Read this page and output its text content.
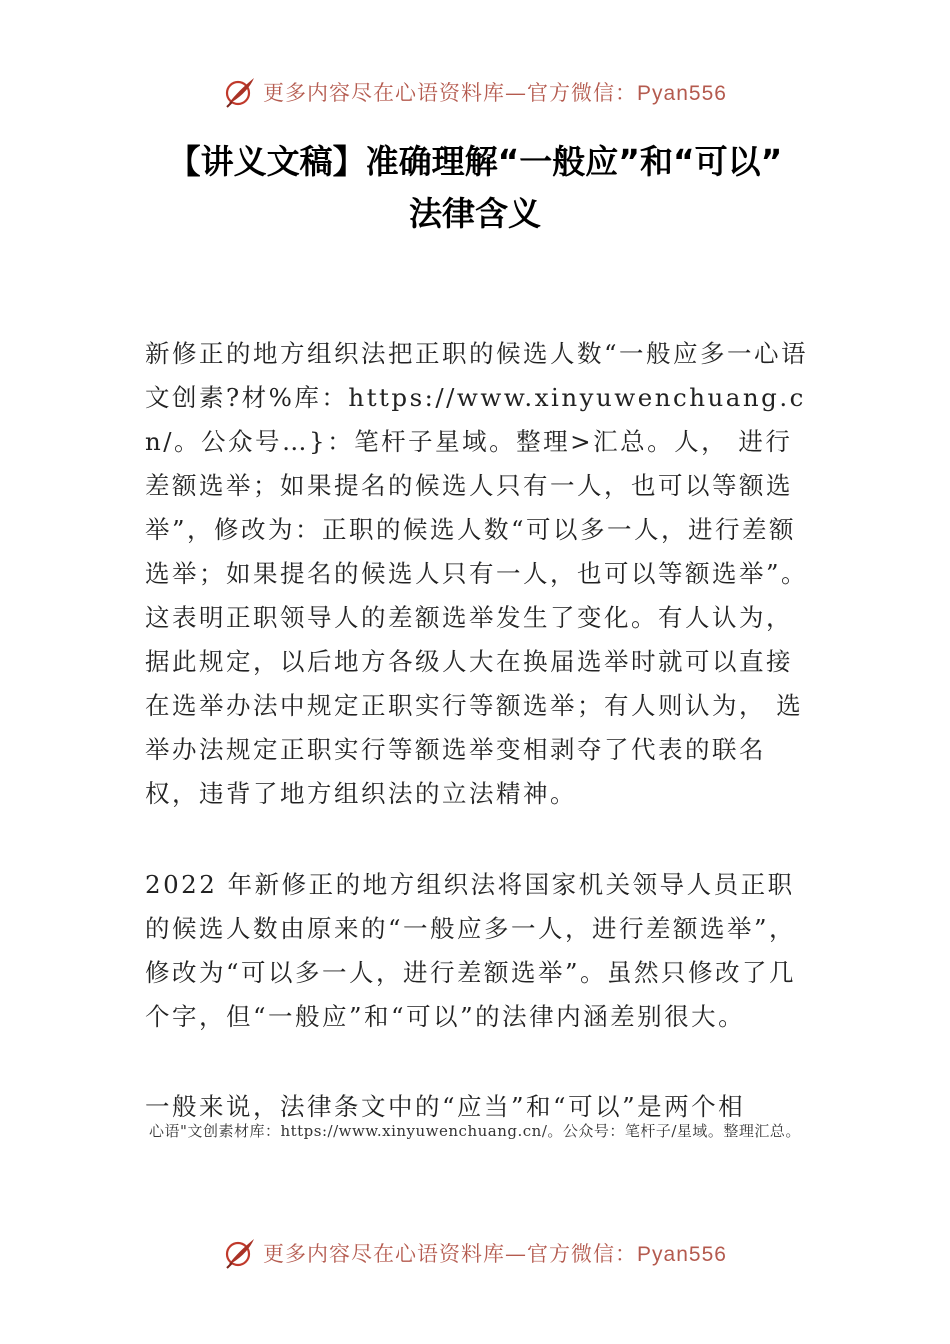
更多内容尽在心语资料库—官方微信：Pyan556
【讲义文稿】准确理解“一般应”和“可以”
法律含义

新修正的地方组织法把正职的候选人数“一般应多一心语文创素?材%库：https://www.xinyuwenchuang.cn/。公众号…}：笔杆子星域。整理>汇总。人， 进行差额选举；如果提名的候选人只有一人，也可以等额选举”，修改为：正职的候选人数“可以多一人，进行差额选举；如果提名的候选人只有一人，也可以等额选举”。这表明正职领导人的差额选举发生了变化。有人认为，据此规定，以后地方各级人大在换届选举时就可以直接在选举办法中规定正职实行等额选举；有人则认为， 选举办法规定正职实行等额选举变相剥夺了代表的联名权，违背了地方组织法的立法精神。

2022 年新修正的地方组织法将国家机关领导人员正职的候选人数由原来的“一般应多一人，进行差额选举”，修改为“可以多一人，进行差额选举”。虽然只修改了几个字，但“一般应”和“可以”的法律内涵差别很大。

一般来说，法律条文中的“应当”和“可以”是两个相

心语"文创素材库：https://www.xinyuwenchuang.cn/。公众号：笔杆子/星域。整理汇总。
更多内容尽在心语资料库—官方微信：Pyan556
